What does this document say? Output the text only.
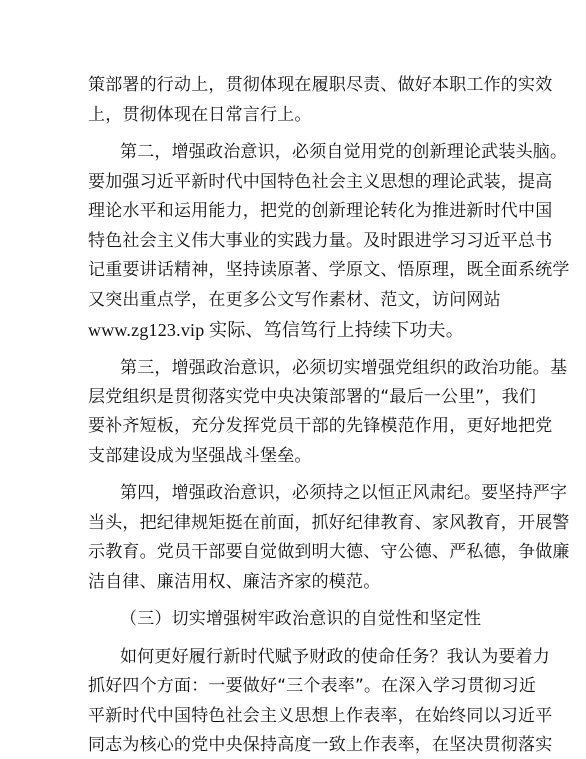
策部署的行动上，贯彻体现在履职尽责、做好本职工作的实效
上，贯彻体现在日常言行上。
第二，增强政治意识，必须自觉用党的创新理论武装头脑。
要加强习近平新时代中国特色社会主义思想的理论武装，提高
理论水平和运用能力，把党的创新理论转化为推进新时代中国
特色社会主义伟大事业的实践力量。及时跟进学习习近平总书
记重要讲话精神，坚持读原著、学原文、悟原理，既全面系统学
又突出重点学，在更多公文写作素材、范文，访问网站
www.zg123.vip 实际、笃信笃行上持续下功夫。
第三，增强政治意识，必须切实增强党组织的政治功能。基
层党组织是贯彻落实党中央决策部署的“最后一公里”，我们
要补齐短板，充分发挥党员干部的先锋模范作用，更好地把党
支部建设成为坚强战斗堡垒。
第四，增强政治意识，必须持之以恒正风肃纪。要坚持严字
当头，把纪律规矩挺在前面，抓好纪律教育、家风教育，开展警
示教育。党员干部要自觉做到明大德、守公德、严私德，争做廉
洁自律、廉洁用权、廉洁齐家的模范。
（三）切实增强树牢政治意识的自觉性和坚定性
如何更好履行新时代赋予财政的使命任务？我认为要着力
抓好四个方面：一要做好“三个表率”。在深入学习贯彻习近
平新时代中国特色社会主义思想上作表率，在始终同以习近平
同志为核心的党中央保持高度一致上作表率，在坚决贯彻落实
